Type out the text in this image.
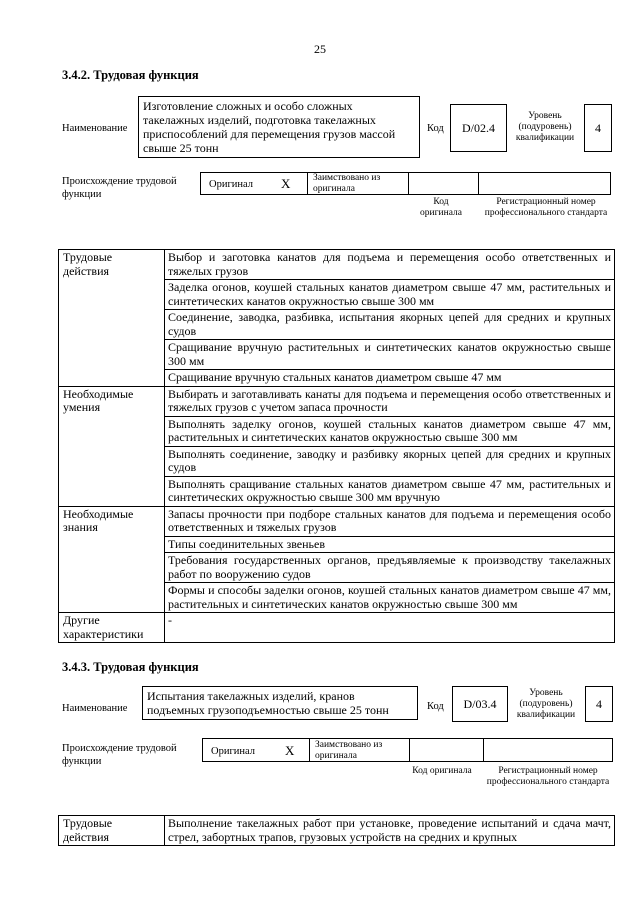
25
3.4.2. Трудовая функция
Наименование
Изготовление сложных и особо сложных такелажных изделий, подготовка такелажных приспособлений для перемещения грузов массой свыше 25 тонн
Код	D/02.4
Уровень (подуровень) квалификации
4
Происхождение трудовой функции
Оригинал X Заимствовано из оригинала
Код оригинала
Регистрационный номер профессионального стандарта
Трудовые действия	Выбор и заготовка канатов для подъема и перемещения особо ответственных и тяжелых грузов
	Заделка огонов, коушей стальных канатов диаметром свыше 47 мм, растительных и синтетических канатов окружностью свыше 300 мм
	Соединение, заводка, разбивка, испытания якорных цепей для средних и крупных судов
	Сращивание вручную растительных и синтетических канатов окружностью свыше 300 мм
	Сращивание вручную стальных канатов диаметром свыше 47 мм
Необходимые умения	Выбирать и заготавливать канаты для подъема и перемещения особо ответственных и тяжелых грузов с учетом запаса прочности
	Выполнять заделку огонов, коушей стальных канатов диаметром свыше 47 мм, растительных и синтетических канатов окружностью свыше 300 мм
	Выполнять соединение, заводку и разбивку якорных цепей для средних и крупных судов
	Выполнять сращивание стальных канатов диаметром свыше 47 мм, растительных и синтетических окружностью свыше 300 мм вручную
Необходимые знания	Запасы прочности при подборе стальных канатов для подъема и перемещения особо ответственных и тяжелых грузов
	Типы соединительных звеньев
	Требования государственных органов, предъявляемые к производству такелажных работ по вооружению судов
	Формы и способы заделки огонов, коушей стальных канатов диаметром свыше 47 мм, растительных и синтетических канатов окружностью свыше 300 мм
Другие характеристики	-
3.4.3. Трудовая функция
Наименование
Испытания такелажных изделий, кранов подъемных грузоподъемностью свыше 25 тонн	Код	D/03.4
Уровень (подуровень) квалификации
4
Происхождение трудовой функции
Оригинал X Заимствовано из оригинала
Код оригинала	Регистрационный номер профессионального стандарта
Трудовые действия	Выполнение такелажных работ при установке, проведение испытаний и сдача мачт, стрел, забортных трапов, грузовых устройств на средних и крупных
